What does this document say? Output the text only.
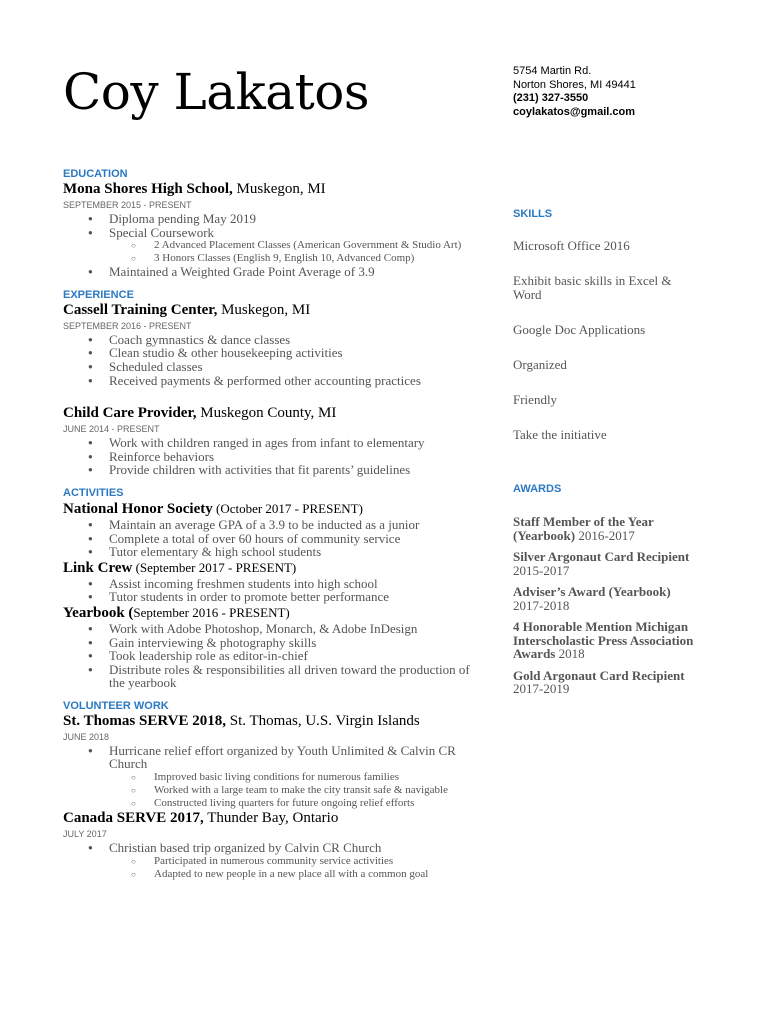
Coy Lakatos	5754 Martin Rd.
Norton Shores, MI 49441
(231) 327-3550
coylakatos@gmail.com
EDUCATION
Mona Shores High School, Muskegon, MI
SEPTEMBER 2015 - PRESENT
● Diploma pending May 2019
● Special Coursework
○ 2 Advanced Placement Classes (American Government & Studio Art)
○ 3 Honors Classes (English 9, English 10, Advanced Comp)
● Maintained a Weighted Grade Point Average of 3.9
EXPERIENCE
Cassell Training Center, Muskegon, MI
SEPTEMBER 2016 - PRESENT
● Coach gymnastics & dance classes
● Clean studio & other housekeeping activities
● Scheduled classes
● Received payments & performed other accounting practices
Child Care Provider, Muskegon County, MI
JUNE 2014 - PRESENT
● Work with children ranged in ages from infant to elementary
● Reinforce behaviors
● Provide children with activities that fit parents’ guidelines
ACTIVITIES
National Honor Society (October 2017 - PRESENT)
● Maintain an average GPA of a 3.9 to be inducted as a junior
● Complete a total of over 60 hours of community service
● Tutor elementary & high school students
Link Crew (September 2017 - PRESENT)
● Assist incoming freshmen students into high school
● Tutor students in order to promote better performance
Yearbook (September 2016 - PRESENT)
● Work with Adobe Photoshop, Monarch, & Adobe InDesign
● Gain interviewing & photography skills
● Took leadership role as editor-in-chief
● Distribute roles & responsibilities all driven toward the production of the yearbook
VOLUNTEER WORK
St. Thomas SERVE 2018, St. Thomas, U.S. Virgin Islands
JUNE 2018
● Hurricane relief effort organized by Youth Unlimited & Calvin CR Church
○ Improved basic living conditions for numerous families
○ Worked with a large team to make the city transit safe & navigable
○ Constructed living quarters for future ongoing relief efforts
Canada SERVE 2017, Thunder Bay, Ontario
JULY 2017
● Christian based trip organized by Calvin CR Church
○ Participated in numerous community service activities
○ Adapted to new people in a new place all with a common goal
SKILLS
Microsoft Office 2016
Exhibit basic skills in Excel & Word
Google Doc Applications
Organized
Friendly
Take the initiative
AWARDS
Staff Member of the Year (Yearbook) 2016-2017
Silver Argonaut Card Recipient 2015-2017
Adviser’s Award (Yearbook) 2017-2018
4 Honorable Mention Michigan Interscholastic Press Association Awards 2018
Gold Argonaut Card Recipient 2017-2019
